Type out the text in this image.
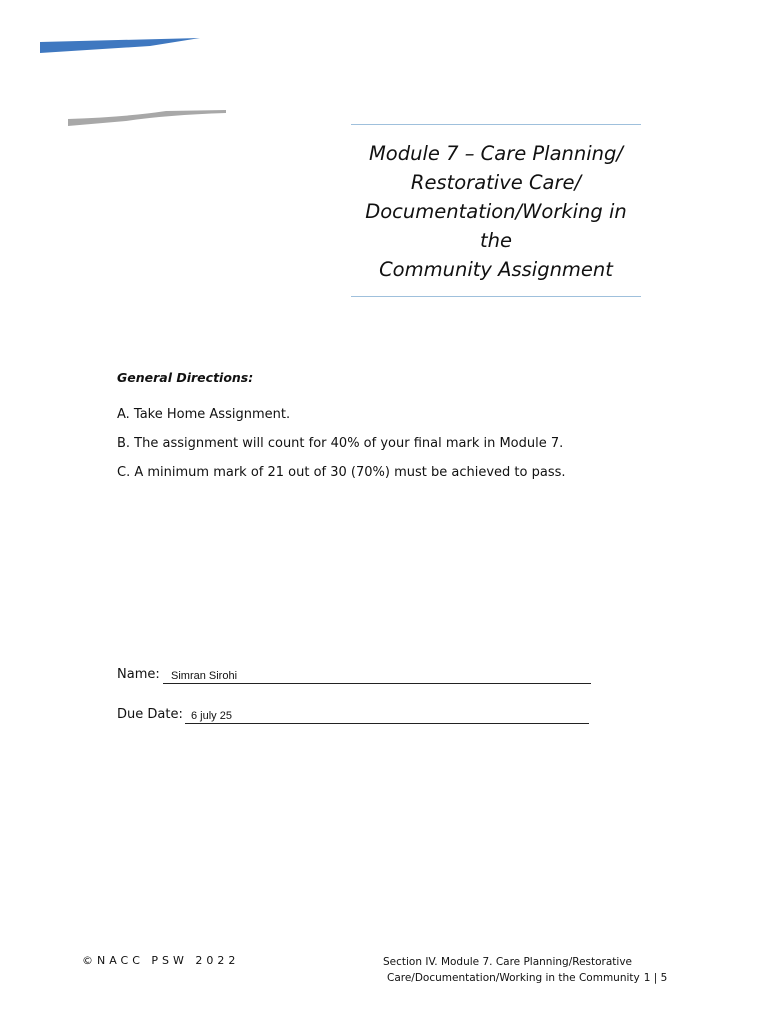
Module 7 – Care Planning/
Restorative Care/
Documentation/Working in the
Community Assignment
General Directions:
A. Take Home Assignment.
B. The assignment will count for 40% of your final mark in Module 7.
C. A minimum mark of 21 out of 30 (70%) must be achieved to pass.
Name: Simran Sirohi
Due Date: 6 july 25
©NACC PSW 2022	Section IV. Module 7. Care Planning/Restorative
Care/Documentation/Working in the Community 1 | 5
